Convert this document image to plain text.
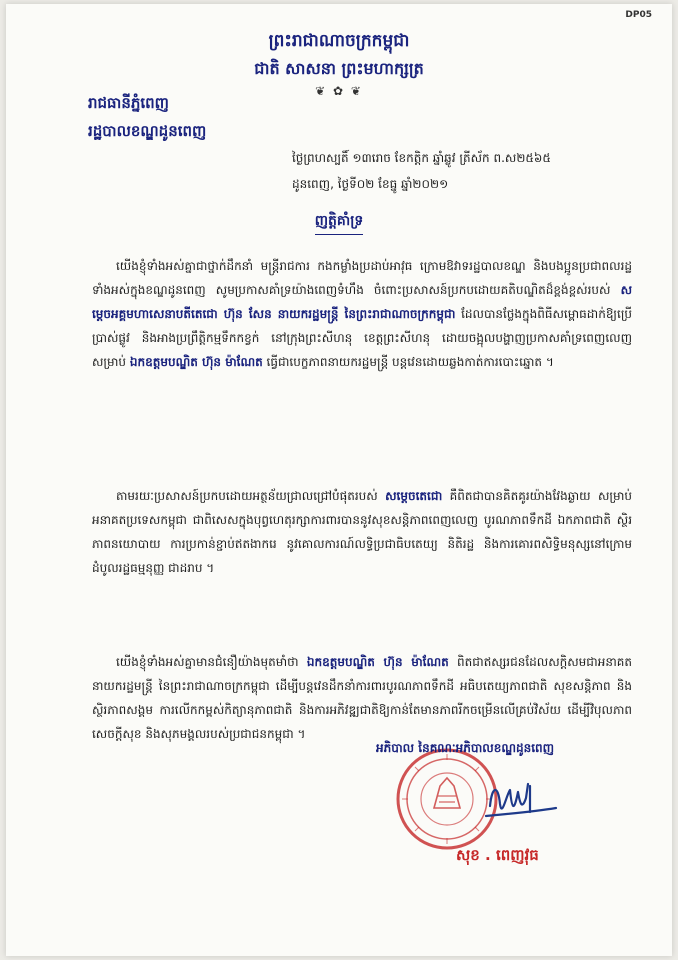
DP05
ព្រះរាជាណាចក្រកម្ពុជា
ជាតិ សាសនា ព្រះមហាក្សត្រ
❦ ✿ ❦
រាជធានីភ្នំពេញ
រដ្ឋបាលខណ្ឌដូនពេញ
ថ្ងៃព្រហស្បតិ៍ ១៣រោច ខែកត្តិក ឆ្នាំឆ្លូវ ត្រីស័ក ព.ស២៥៦៥
ដូនពេញ, ថ្ងៃទី០២ ខែធ្នូ ឆ្នាំ២០២១
ញត្តិគាំទ្រ

យើងខ្ញុំទាំងអស់គ្នាជាថ្នាក់ដឹកនាំ មន្ត្រីរាជការ កងកម្លាំងប្រដាប់អាវុធ ក្រោមឱវាទរដ្ឋបាលខណ្ឌ និងបងប្អូនប្រជាពលរដ្ឋទាំងអស់ក្នុងខណ្ឌដូនពេញ សូមប្រកាសគាំទ្រយ៉ាងពេញទំហឹង ចំពោះប្រសាសន៍ប្រកបដោយគតិបណ្ឌិតដ៏ខ្ពង់ខ្ពស់របស់ សម្តេចអគ្គមហាសេនាបតីតេជោ ហ៊ុន សែន នាយករដ្ឋមន្ត្រី នៃព្រះរាជាណាចក្រកម្ពុជា ដែលបានថ្លែងក្នុងពិធីសម្ពោធដាក់ឱ្យប្រើប្រាស់ផ្លូវ និងអាងប្រព្រឹត្តិកម្មទឹកកខ្វក់ នៅក្រុងព្រះសីហនុ ខេត្តព្រះសីហនុ ដោយចង្អុលបង្ហាញប្រកាសគាំទ្រពេញលេញសម្រាប់ ឯកឧត្តមបណ្ឌិត ហ៊ុន ម៉ាណែត ធ្វើជាបេក្ខភាពនាយករដ្ឋមន្ត្រី បន្តវេនដោយឆ្លងកាត់ការបោះឆ្នោត ។

តាមរយៈប្រសាសន៍ប្រកបដោយអត្ថន័យជ្រាលជ្រៅបំផុតរបស់ សម្តេចតេជោ គឺពិតជាបានគិតគូរយ៉ាងវែងឆ្ងាយ សម្រាប់អនាគតប្រទេសកម្ពុជា ជាពិសេសក្នុងបុព្វហេតុរក្សាការពារបាននូវសុខសន្តិភាពពេញលេញ បូរណភាពទឹកដី ឯកភាពជាតិ ស្ថិរភាពនយោបាយ ការប្រកាន់ខ្ជាប់ឥតងាករេ នូវគោលការណ៍លទ្ធិប្រជាធិបតេយ្យ និតិរដ្ឋ និងការគោរពសិទ្ធិមនុស្សនៅក្រោមដំបូលរដ្ឋធម្មនុញ្ញ ជាដរាប ។

យើងខ្ញុំទាំងអស់គ្នាមានជំនឿយ៉ាងមុតមាំថា ឯកឧត្តមបណ្ឌិត ហ៊ុន ម៉ាណែត ពិតជាឥស្សរជនដែលសក្តិសមជាអនាគតនាយករដ្ឋមន្ត្រី នៃព្រះរាជាណាចក្រកម្ពុជា ដើម្បីបន្តវេនដឹកនាំការពារបូរណភាពទឹកដី អធិបតេយ្យភាពជាតិ សុខសន្តិភាព និងស្ថិរភាពសង្គម ការលើកកម្ពស់កិត្យានុភាពជាតិ និងការអភិវឌ្ឍជាតិឱ្យកាន់តែមានភាពរីកចម្រើនលើគ្រប់វិស័យ ដើម្បីវិបុលភាព សេចក្តីសុខ និងសុភមង្គលរបស់ប្រជាជនកម្ពុជា ។

អភិបាល នៃគណៈអភិបាលខណ្ឌដូនពេញ
សុខ . ពេញវុធ
